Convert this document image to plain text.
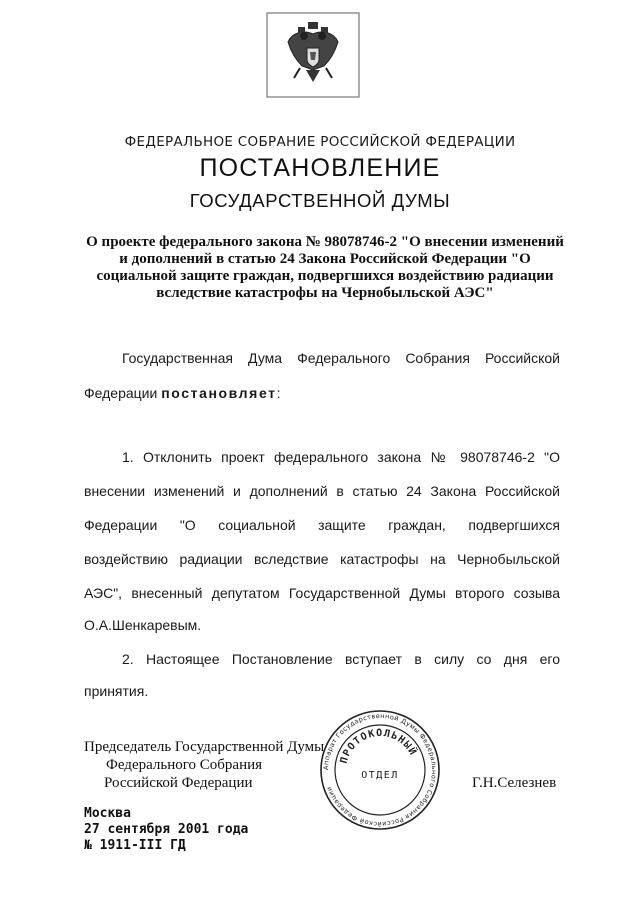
ФЕДЕРАЛЬНОЕ СОБРАНИЕ РОССИЙСКОЙ ФЕДЕРАЦИИ
ПОСТАНОВЛЕНИЕ
ГОСУДАРСТВЕННОЙ ДУМЫ
О проекте федерального закона № 98078746-2 "О внесении изменений
и дополнений в статью 24 Закона Российской Федерации "О
социальной защите граждан, подвергшихся воздействию радиации
вследствие катастрофы на Чернобыльской АЭС"
Государственная Дума Федерального Собрания Российской
Федерации постановляет:
1. Отклонить проект федерального закона № 98078746-2 "О
внесении изменений и дополнений в статью 24 Закона Российской
Федерации "О социальной защите граждан, подвергшихся
воздействию радиации вследствие катастрофы на Чернобыльской
АЭС", внесенный депутатом Государственной Думы второго созыва
О.А.Шенкаревым.
2. Настоящее Постановление вступает в силу со дня его
принятия.
Аппарат Государственной Думы Федерального Собрания Российской Федерации
ПРОТОКОЛЬНЫЙ
ОТДЕЛ
Председатель Государственной Думы
Федерального Собрания
Российской Федерации	Г.Н.Селезнев
Москва
27 сентября 2001 года
№ 1911-III ГД
